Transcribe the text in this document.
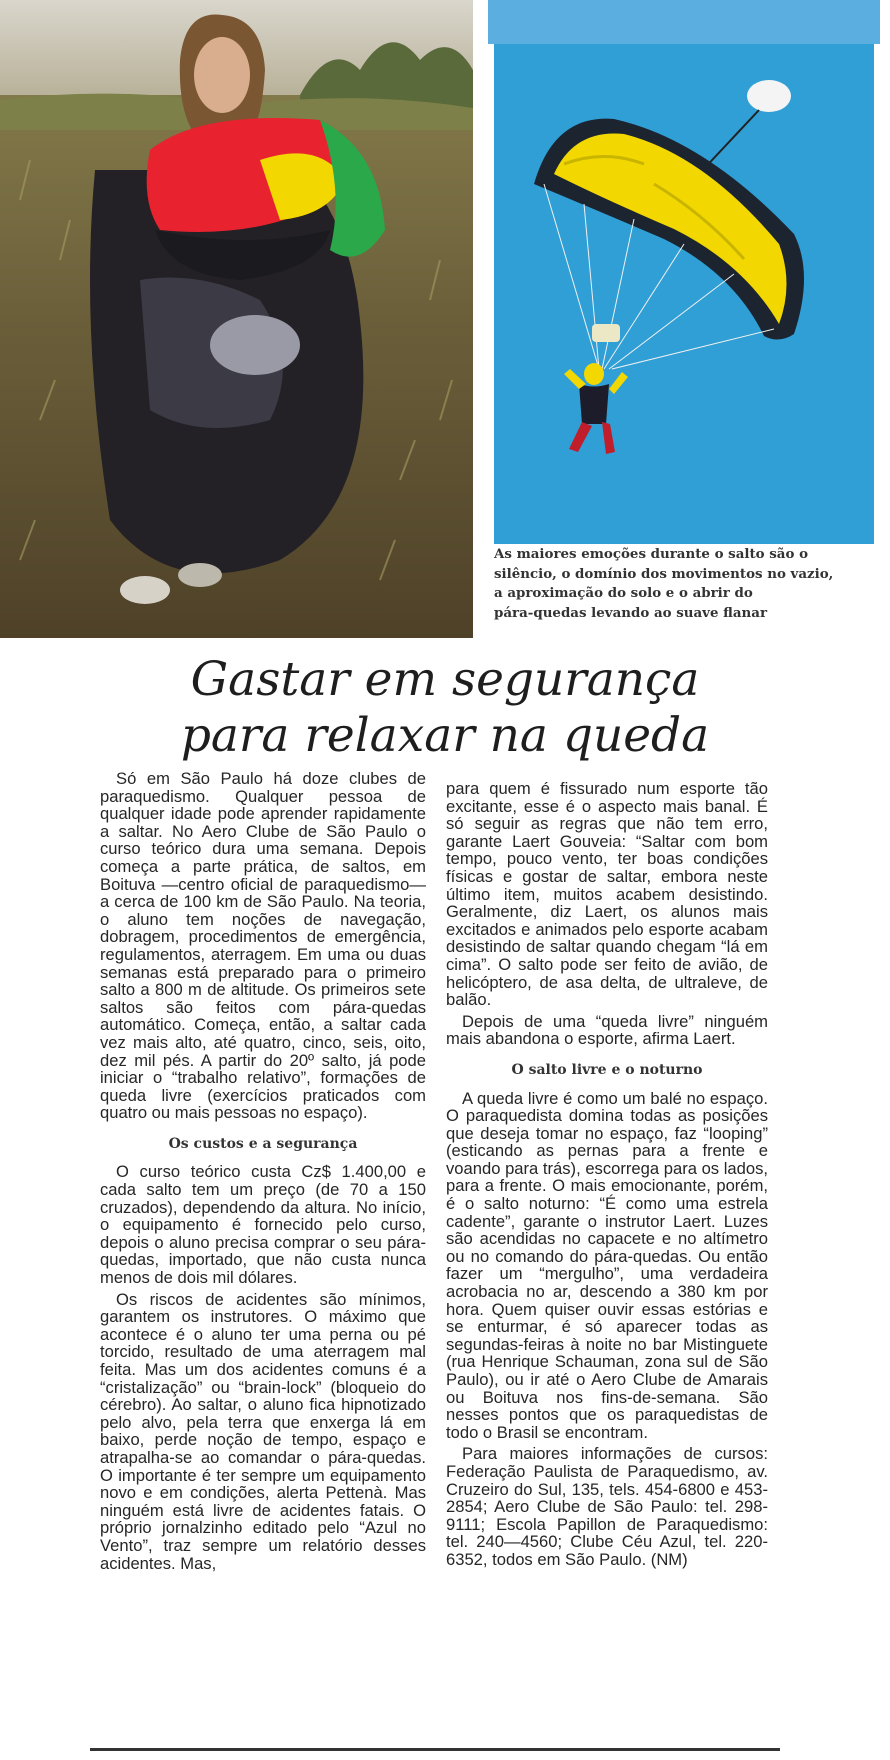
As maiores emoções durante o salto são o
silêncio, o domínio dos movimentos no vazio,
a aproximação do solo e o abrir do
pára-quedas levando ao suave flanar
Gastar em segurança
para relaxar na queda

Só em São Paulo há doze clubes de paraquedismo. Qualquer pessoa de qualquer idade pode aprender rapidamente a saltar. No Aero Clube de São Paulo o curso teórico dura uma semana. Depois começa a parte prática, de saltos, em Boituva —centro oficial de paraquedismo— a cerca de 100 km de São Paulo. Na teoria, o aluno tem noções de navegação, dobragem, procedimentos de emergência, regulamentos, aterragem. Em uma ou duas semanas está preparado para o primeiro salto a 800 m de altitude. Os primeiros sete saltos são feitos com pára-quedas automático. Começa, então, a saltar cada vez mais alto, até quatro, cinco, seis, oito, dez mil pés. A partir do 20º salto, já pode iniciar o “trabalho relativo”, formações de queda livre (exercícios praticados com quatro ou mais pessoas no espaço).

Os custos e a segurança

O curso teórico custa Cz$ 1.400,00 e cada salto tem um preço (de 70 a 150 cruzados), dependendo da altura. No início, o equipamento é fornecido pelo curso, depois o aluno precisa comprar o seu pára-quedas, importado, que não custa nunca menos de dois mil dólares.

Os riscos de acidentes são mínimos, garantem os instrutores. O máximo que acontece é o aluno ter uma perna ou pé torcido, resultado de uma aterragem mal feita. Mas um dos acidentes comuns é a “cristalização” ou “brain-lock” (bloqueio do cérebro). Ao saltar, o aluno fica hipnotizado pelo alvo, pela terra que enxerga lá em baixo, perde noção de tempo, espaço e atrapalha-se ao comandar o pára-quedas. O importante é ter sempre um equipamento novo e em condições, alerta Pettenà. Mas ninguém está livre de acidentes fatais. O próprio jornalzinho editado pelo “Azul no Vento”, traz sempre um relatório desses acidentes. Mas,

para quem é fissurado num esporte tão excitante, esse é o aspecto mais banal. É só seguir as regras que não tem erro, garante Laert Gouveia: “Saltar com bom tempo, pouco vento, ter boas condições físicas e gostar de saltar, embora neste último item, muitos acabem desistindo. Geralmente, diz Laert, os alunos mais excitados e animados pelo esporte acabam desistindo de saltar quando chegam “lá em cima”. O salto pode ser feito de avião, de helicóptero, de asa delta, de ultraleve, de balão.

Depois de uma “queda livre” ninguém mais abandona o esporte, afirma Laert.

O salto livre e o noturno

A queda livre é como um balé no espaço. O paraquedista domina todas as posições que deseja tomar no espaço, faz “looping” (esticando as pernas para a frente e voando para trás), escorrega para os lados, para a frente. O mais emocionante, porém, é o salto noturno: “É como uma estrela cadente”, garante o instrutor Laert. Luzes são acendidas no capacete e no altímetro ou no comando do pára-quedas. Ou então fazer um “mergulho”, uma verdadeira acrobacia no ar, descendo a 380 km por hora. Quem quiser ouvir essas estórias e se enturmar, é só aparecer todas as segundas-feiras à noite no bar Mistinguete (rua Henrique Schauman, zona sul de São Paulo), ou ir até o Aero Clube de Amarais ou Boituva nos fins-de-semana. São nesses pontos que os paraquedistas de todo o Brasil se encontram.

Para maiores informações de cursos: Federação Paulista de Paraquedismo, av. Cruzeiro do Sul, 135, tels. 454-6800 e 453-2854; Aero Clube de São Paulo: tel. 298-9111; Escola Papillon de Paraquedismo: tel. 240—4560; Clube Céu Azul, tel. 220-6352, todos em São Paulo. (NM)
